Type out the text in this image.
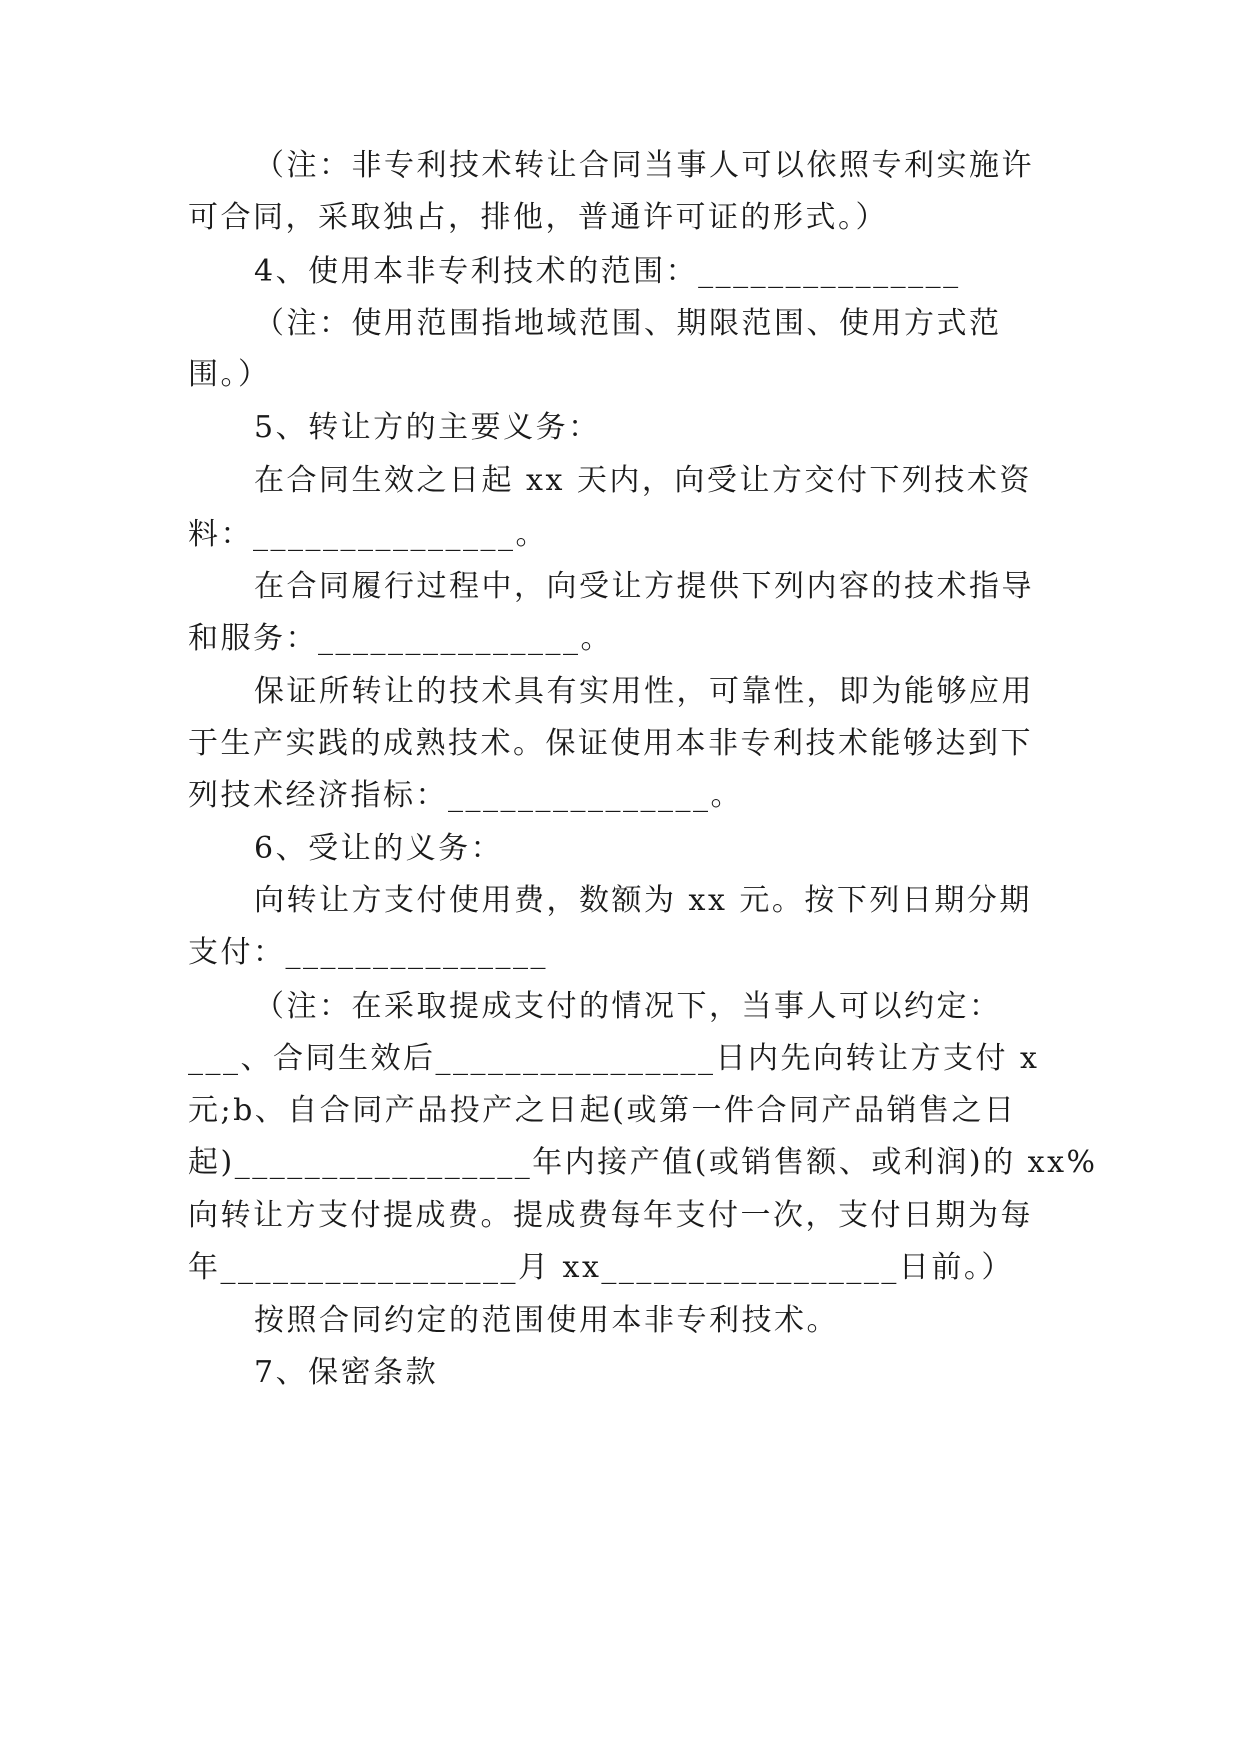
（注：非专利技术转让合同当事人可以依照专利实施许
可合同，采取独占，排他，普通许可证的形式。）
4、使用本非专利技术的范围：_______________
（注：使用范围指地域范围、期限范围、使用方式范
围。）
5、转让方的主要义务：
在合同生效之日起 xx 天内，向受让方交付下列技术资
料：_______________。
在合同履行过程中，向受让方提供下列内容的技术指导
和服务：_______________。
保证所转让的技术具有实用性，可靠性，即为能够应用
于生产实践的成熟技术。保证使用本非专利技术能够达到下
列技术经济指标：_______________。
6、受让的义务：
向转让方支付使用费，数额为 xx 元。按下列日期分期
支付：_______________
（注：在采取提成支付的情况下，当事人可以约定：
___、合同生效后________________日内先向转让方支付 x
元;b、自合同产品投产之日起(或第一件合同产品销售之日
起)_________________年内接产值(或销售额、或利润)的 xx%
向转让方支付提成费。提成费每年支付一次，支付日期为每
年_________________月 xx_________________日前。）
按照合同约定的范围使用本非专利技术。
7、保密条款
